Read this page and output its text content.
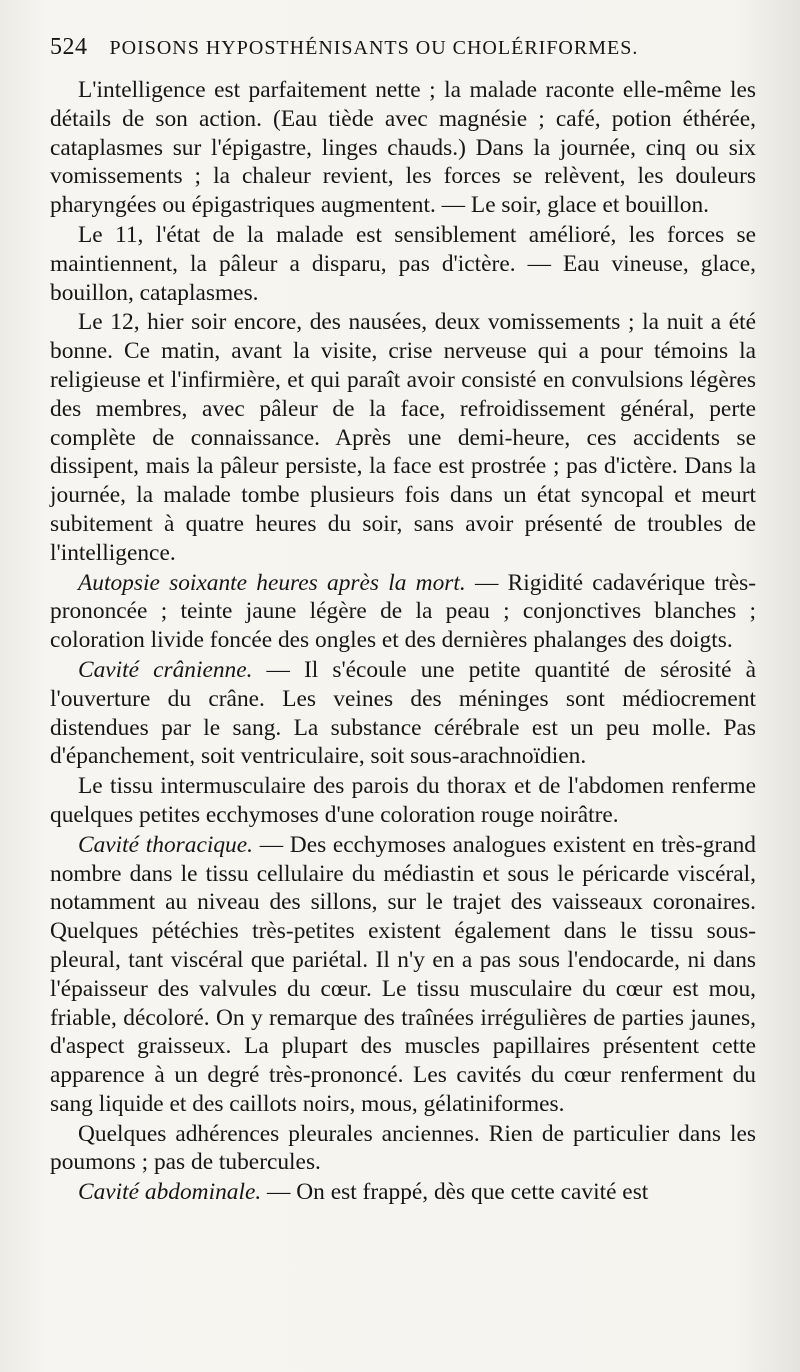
524 POISONS HYPOSTHÉNISANTS OU CHOLÉRIFORMES.

L'intelligence est parfaitement nette ; la malade raconte elle-même les détails de son action. (Eau tiède avec magnésie ; café, potion éthérée, cataplasmes sur l'épigastre, linges chauds.) Dans la journée, cinq ou six vomissements ; la chaleur revient, les forces se relèvent, les douleurs pharyngées ou épigastriques augmentent. — Le soir, glace et bouillon.

Le 11, l'état de la malade est sensiblement amélioré, les forces se maintiennent, la pâleur a disparu, pas d'ictère. — Eau vineuse, glace, bouillon, cataplasmes.

Le 12, hier soir encore, des nausées, deux vomissements ; la nuit a été bonne. Ce matin, avant la visite, crise nerveuse qui a pour témoins la religieuse et l'infirmière, et qui paraît avoir consisté en convulsions légères des membres, avec pâleur de la face, refroidissement général, perte complète de connaissance. Après une demi-heure, ces accidents se dissipent, mais la pâleur persiste, la face est prostrée ; pas d'ictère. Dans la journée, la malade tombe plusieurs fois dans un état syncopal et meurt subitement à quatre heures du soir, sans avoir présenté de troubles de l'intelligence.

Autopsie soixante heures après la mort. — Rigidité cadavérique très-prononcée ; teinte jaune légère de la peau ; conjonctives blanches ; coloration livide foncée des ongles et des dernières phalanges des doigts.

Cavité crânienne. — Il s'écoule une petite quantité de sérosité à l'ouverture du crâne. Les veines des méninges sont médiocrement distendues par le sang. La substance cérébrale est un peu molle. Pas d'épanchement, soit ventriculaire, soit sous-arachnoïdien.

Le tissu intermusculaire des parois du thorax et de l'abdomen renferme quelques petites ecchymoses d'une coloration rouge noirâtre.

Cavité thoracique. — Des ecchymoses analogues existent en très-grand nombre dans le tissu cellulaire du médiastin et sous le péricarde viscéral, notamment au niveau des sillons, sur le trajet des vaisseaux coronaires. Quelques pétéchies très-petites existent également dans le tissu sous-pleural, tant viscéral que pariétal. Il n'y en a pas sous l'endocarde, ni dans l'épaisseur des valvules du cœur. Le tissu musculaire du cœur est mou, friable, décoloré. On y remarque des traînées irrégulières de parties jaunes, d'aspect graisseux. La plupart des muscles papillaires présentent cette apparence à un degré très-prononcé. Les cavités du cœur renferment du sang liquide et des caillots noirs, mous, gélatiniformes.

Quelques adhérences pleurales anciennes. Rien de particulier dans les poumons ; pas de tubercules.

Cavité abdominale. — On est frappé, dès que cette cavité est
